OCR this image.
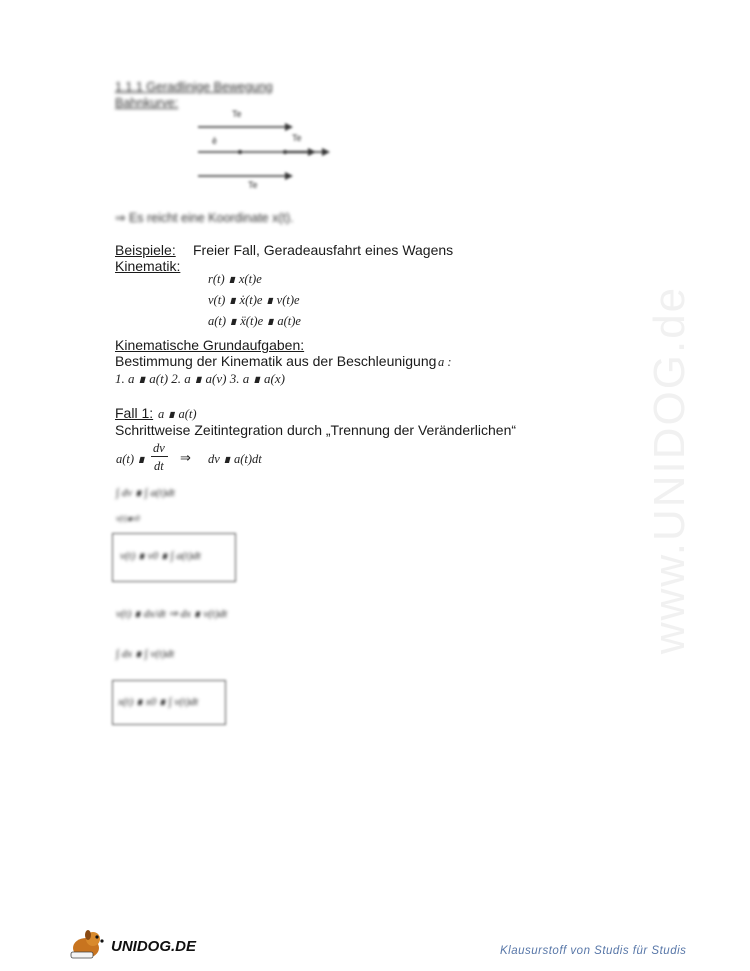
www.UNIDOG.de
1.1.1 Geradlinige Bewegung
Bahnkurve:
Te
ē	Te
Te
⇒ Es reicht eine Koordinate x(t).
Beispiele: Freier Fall, Geradeausfahrt eines Wagens
Kinematik:
r(t) ∎ x(t)e
v(t) ∎ ẋ(t)e ∎ v(t)e
a(t) ∎ ẍ(t)e ∎ a(t)e
Kinematische Grundaufgaben:
Bestimmung der Kinematik aus der Beschleunigung a :
1. a ∎ a(t) 2. a ∎ a(v) 3. a ∎ a(x)
Fall 1: a ∎ a(t)
Schrittweise Zeitintegration durch „Trennung der Veränderlichen“
a(t) ∎
dv
dt
⇒ dv ∎ a(t)dt
∫ dv ∎ ∫ a(t)dt
v(t)∎v0
v(t) ∎ v0 ∎ ∫ a(t)dt
v(t) ∎ dx/dt ⇒ dx ∎ v(t)dt
∫ dx ∎ ∫ v(t)dt
x(t) ∎ x0 ∎ ∫ v(t)dt
UNIDOG.DE	Klausurstoff von Studis für Studis
